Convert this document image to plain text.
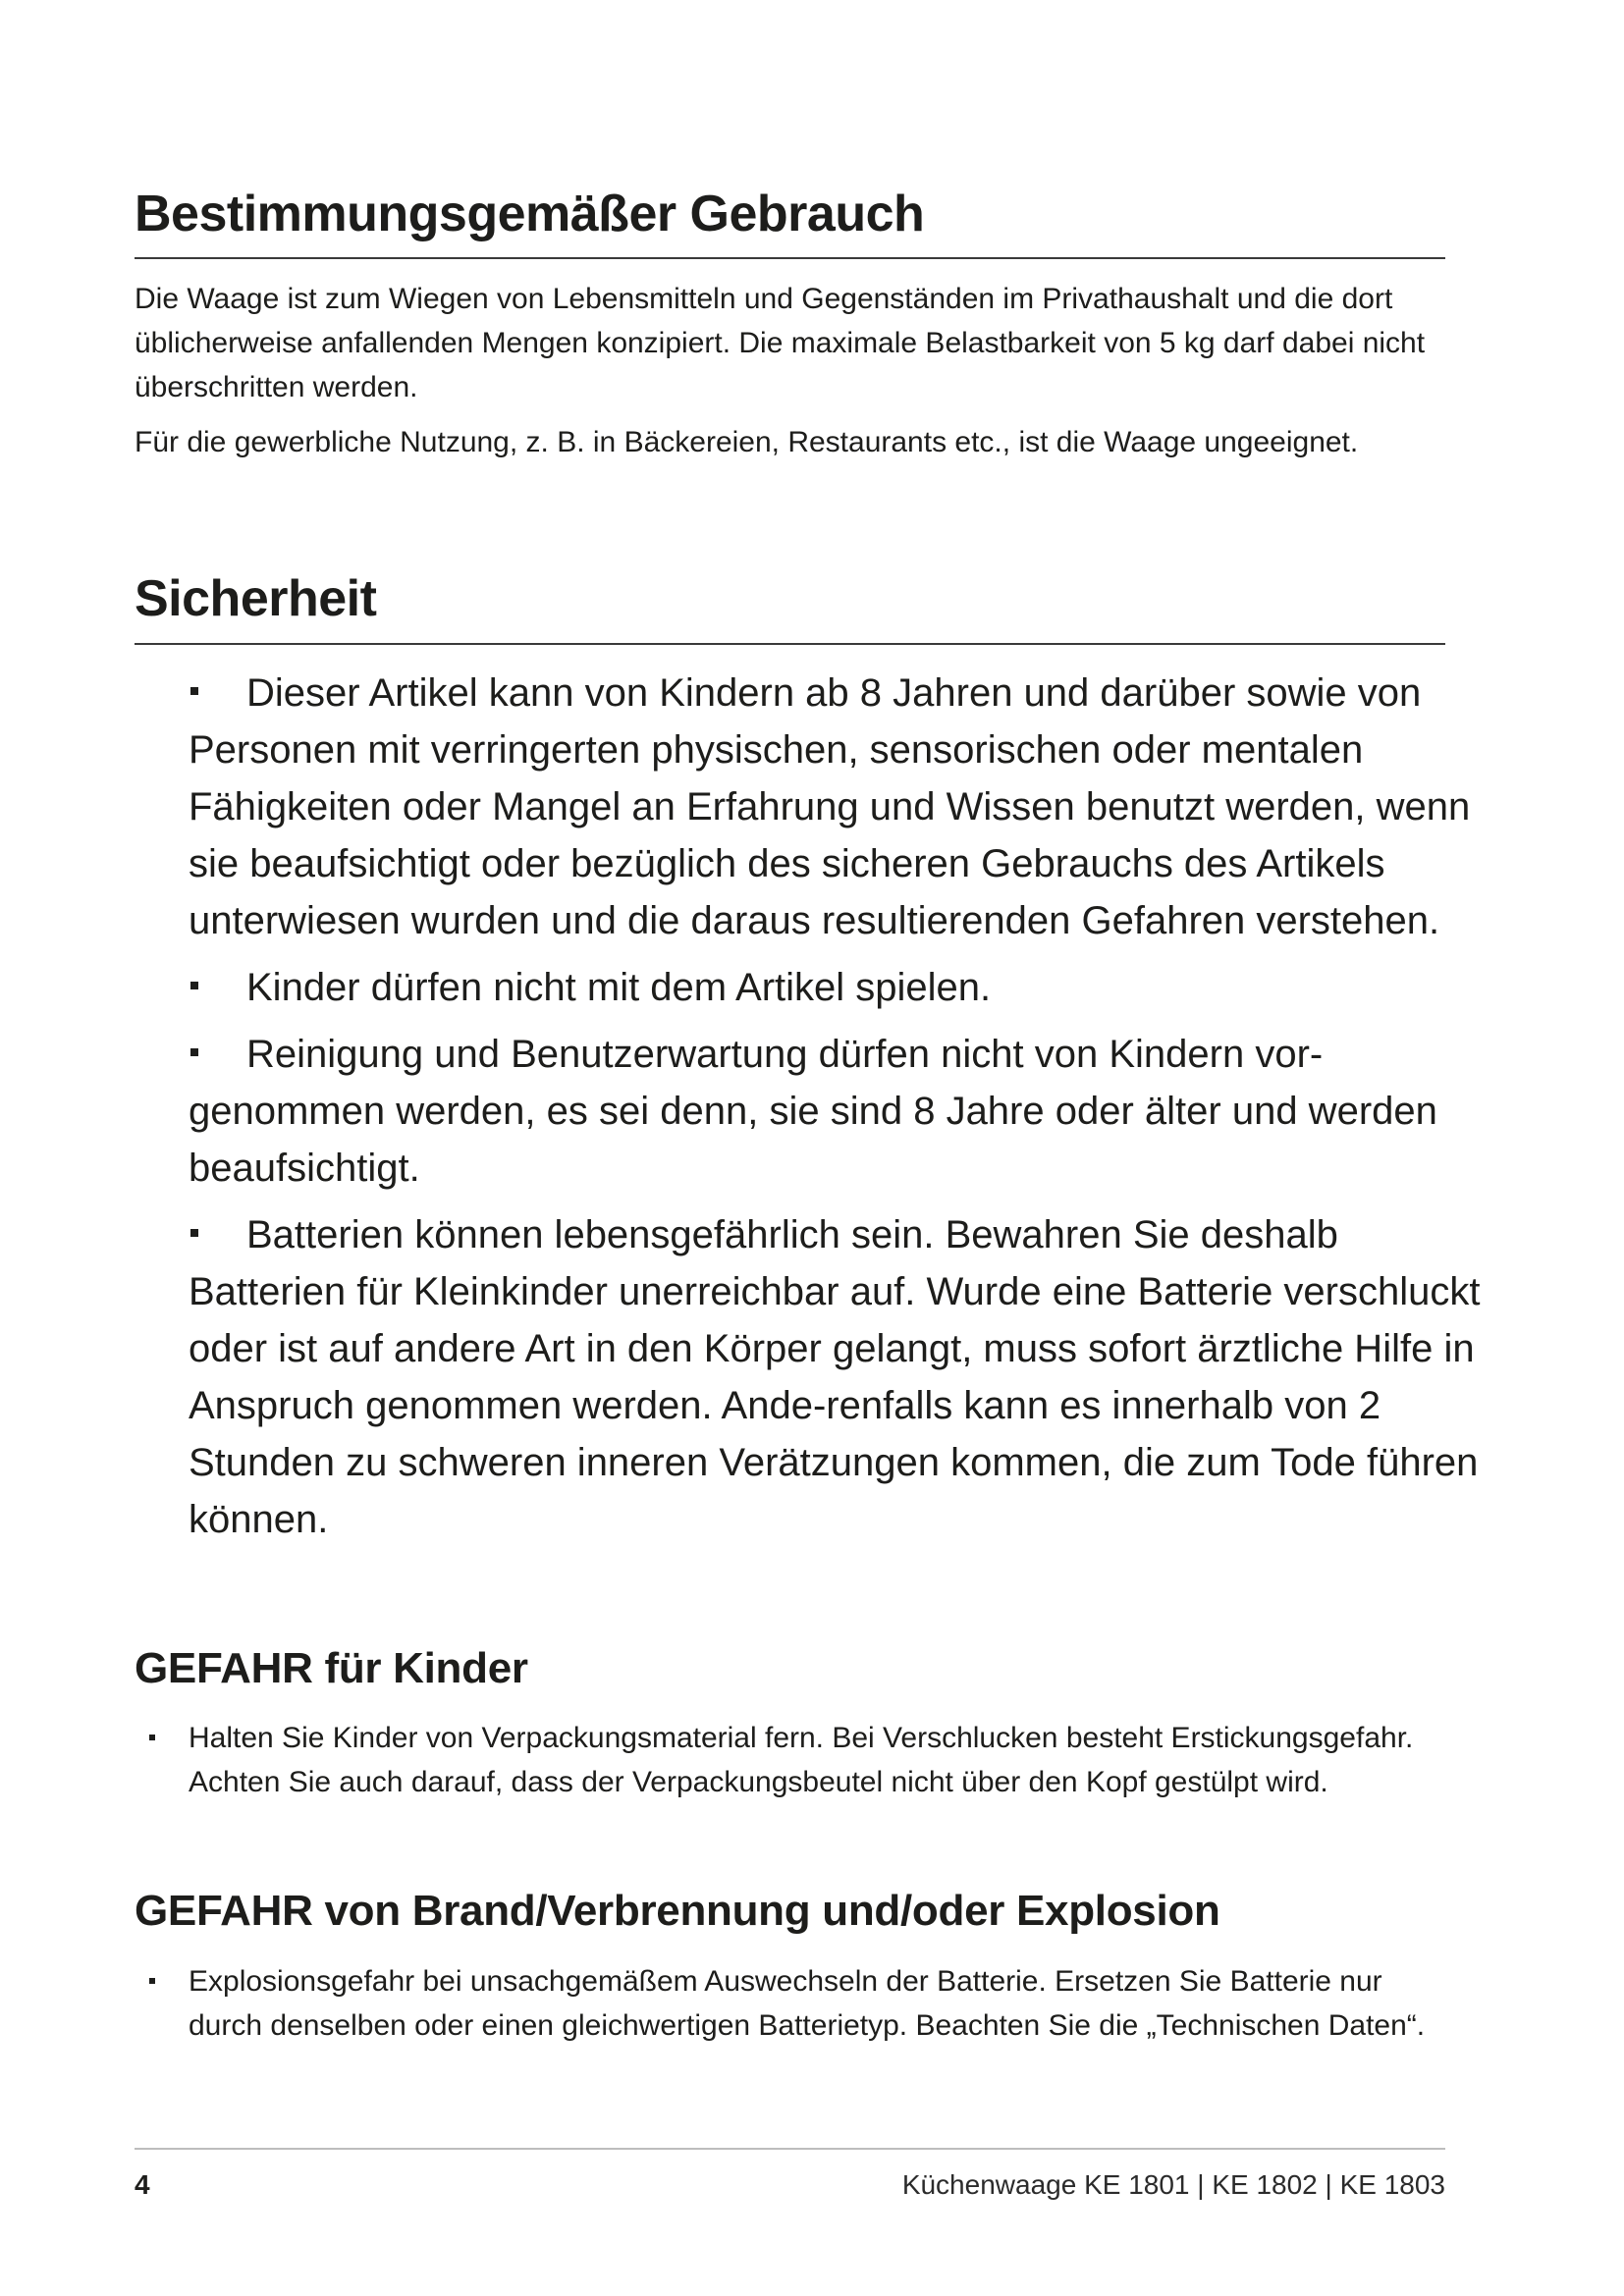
Bestimmungsgemäßer Gebrauch

Die Waage ist zum Wiegen von Lebensmitteln und Gegenständen im Privathaushalt und die dort üblicherweise anfallenden Mengen konzipiert. Die maximale Belastbarkeit von 5 kg darf dabei nicht überschritten werden.

Für die gewerbliche Nutzung, z. B. in Bäckereien, Restaurants etc., ist die Waage ungeeignet.

Sicherheit
Dieser Artikel kann von Kindern ab 8 Jahren und darüber sowie von Personen mit verringerten physischen, sensorischen oder mentalen Fähigkeiten oder Mangel an Erfahrung und Wissen benutzt werden, wenn sie beaufsichtigt oder bezüglich des sicheren Gebrauchs des Artikels unterwiesen wurden und die daraus resultierenden Gefahren verstehen.
Kinder dürfen nicht mit dem Artikel spielen.
Reinigung und Benutzerwartung dürfen nicht von Kindern vor-genommen werden, es sei denn, sie sind 8 Jahre oder älter und werden beaufsichtigt.
Batterien können lebensgefährlich sein. Bewahren Sie deshalb Batterien für Kleinkinder unerreichbar auf. Wurde eine Batterie verschluckt oder ist auf andere Art in den Körper gelangt, muss sofort ärztliche Hilfe in Anspruch genommen werden. Ande-renfalls kann es innerhalb von 2 Stunden zu schweren inneren Verätzungen kommen, die zum Tode führen können.
GEFAHR für Kinder
Halten Sie Kinder von Verpackungsmaterial fern. Bei Verschlucken besteht Erstickungsgefahr. Achten Sie auch darauf, dass der Verpackungsbeutel nicht über den Kopf gestülpt wird.
GEFAHR von Brand/Verbrennung und/oder Explosion
Explosionsgefahr bei unsachgemäßem Auswechseln der Batterie. Ersetzen Sie Batterie nur durch denselben oder einen gleichwertigen Batterietyp. Beachten Sie die „Technischen Daten“.

4	Küchenwaage KE 1801 | KE 1802 | KE 1803
